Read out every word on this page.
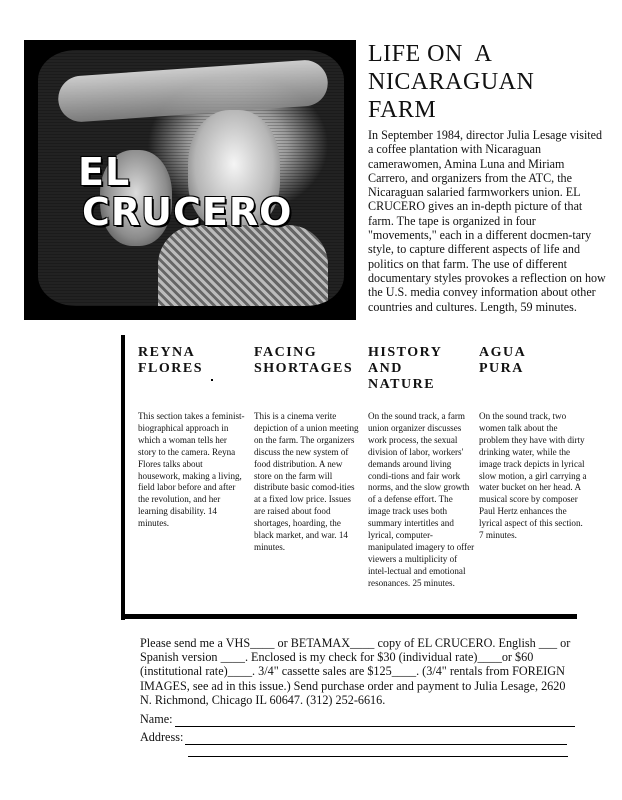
EL
CRUCERO
LIFE ON  A
NICARAGUAN
FARM

In September 1984, director Julia Lesage visited a coffee plantation with Nicaraguan camerawomen, Amina Luna and Miriam Carrero, and organizers from the ATC, the Nicaraguan salaried farmworkers union. EL CRUCERO gives an in-depth picture of that farm. The tape is organized in four "movements," each in a different docmen-tary style, to capture different aspects of life and politics on that farm. The use of different documentary styles provokes a reflection on how the U.S. media convey information about other countries and cultures. Length, 59 minutes.

REYNA
FLORES

This section takes a feminist-biographical approach in which a woman tells her story to the camera. Reyna Flores talks about housework, making a living, field labor before and after the revolution, and her learning disability. 14 minutes.

FACING
SHORTAGES

This is a cinema verite depiction of a union meeting on the farm. The organizers discuss the new system of food distribution. A new store on the farm will distribute basic comod-ities at a fixed low price. Issues are raised about food shortages, hoarding, the black market, and war. 14 minutes.

HISTORY
AND
NATURE

On the sound track, a farm union organizer discusses work process, the sexual division of labor, workers' demands around living condi-tions and fair work norms, and the slow growth of a defense effort. The image track uses both summary intertitles and lyrical, computer-manipulated imagery to offer viewers a multiplicity of intel-lectual and emotional resonances. 25 minutes.

AGUA
PURA

On the sound track, two women talk about the problem they have with dirty drinking water, while the image track depicts in lyrical slow motion, a girl carrying a water bucket on her head. A musical score by composer Paul Hertz enhances the lyrical aspect of this section. 7 minutes.

Please send me a VHS____ or BETAMAX____ copy of EL CRUCERO. English ___ or Spanish version ____. Enclosed is my check for $30 (individual rate)____or $60 (institutional rate)____. 3/4" cassette sales are $125____. (3/4" rentals from FOREIGN IMAGES, see ad in this issue.) Send purchase order and payment to Julia Lesage, 2620 N. Richmond, Chicago IL 60647. (312) 252-6616.

Name:
Address:
